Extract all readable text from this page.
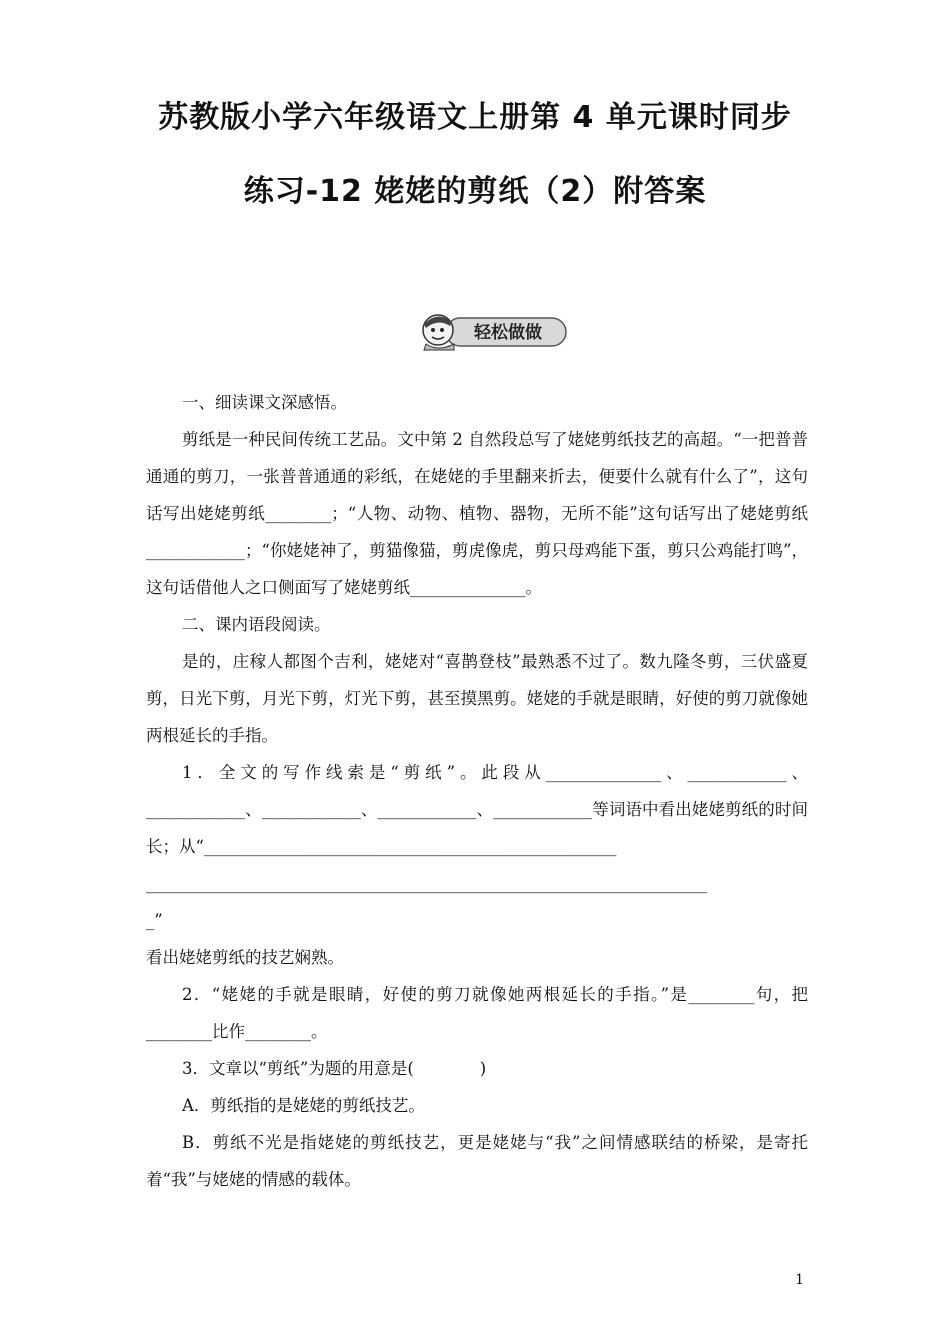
苏教版小学六年级语文上册第 4 单元课时同步
练习-12 姥姥的剪纸（2）附答案
轻松做做

一、细读课文深感悟。

剪纸是一种民间传统工艺品。文中第 2 自然段总写了姥姥剪纸技艺的高超。“一把普普通通的剪刀，一张普普通通的彩纸，在姥姥的手里翻来折去，便要什么就有什么了”，这句话写出姥姥剪纸________；“人物、动物、植物、器物，无所不能”这句话写出了姥姥剪纸____________；“你姥姥神了，剪猫像猫，剪虎像虎，剪只母鸡能下蛋，剪只公鸡能打鸣”，这句话借他人之口侧面写了姥姥剪纸______________。

二、课内语段阅读。

是的，庄稼人都图个吉利，姥姥对“喜鹊登枝”最熟悉不过了。数九隆冬剪，三伏盛夏剪，日光下剪，月光下剪，灯光下剪，甚至摸黑剪。姥姥的手就是眼睛，好使的剪刀就像她两根延长的手指。

1．全文的写作线索是“剪纸”。此段从______________、____________、____________、____________、____________、____________等词语中看出姥姥剪纸的时间长；从“__________________________________________________

____________________________________________________________________

_”

看出姥姥剪纸的技艺娴熟。

2．“姥姥的手就是眼睛，好使的剪刀就像她两根延长的手指。”是________句，把________比作________。

3．文章以“剪纸”为题的用意是(　　　　)

A．剪纸指的是姥姥的剪纸技艺。

B．剪纸不光是指姥姥的剪纸技艺，更是姥姥与“我”之间情感联结的桥梁，是寄托着“我”与姥姥的情感的载体。

1
